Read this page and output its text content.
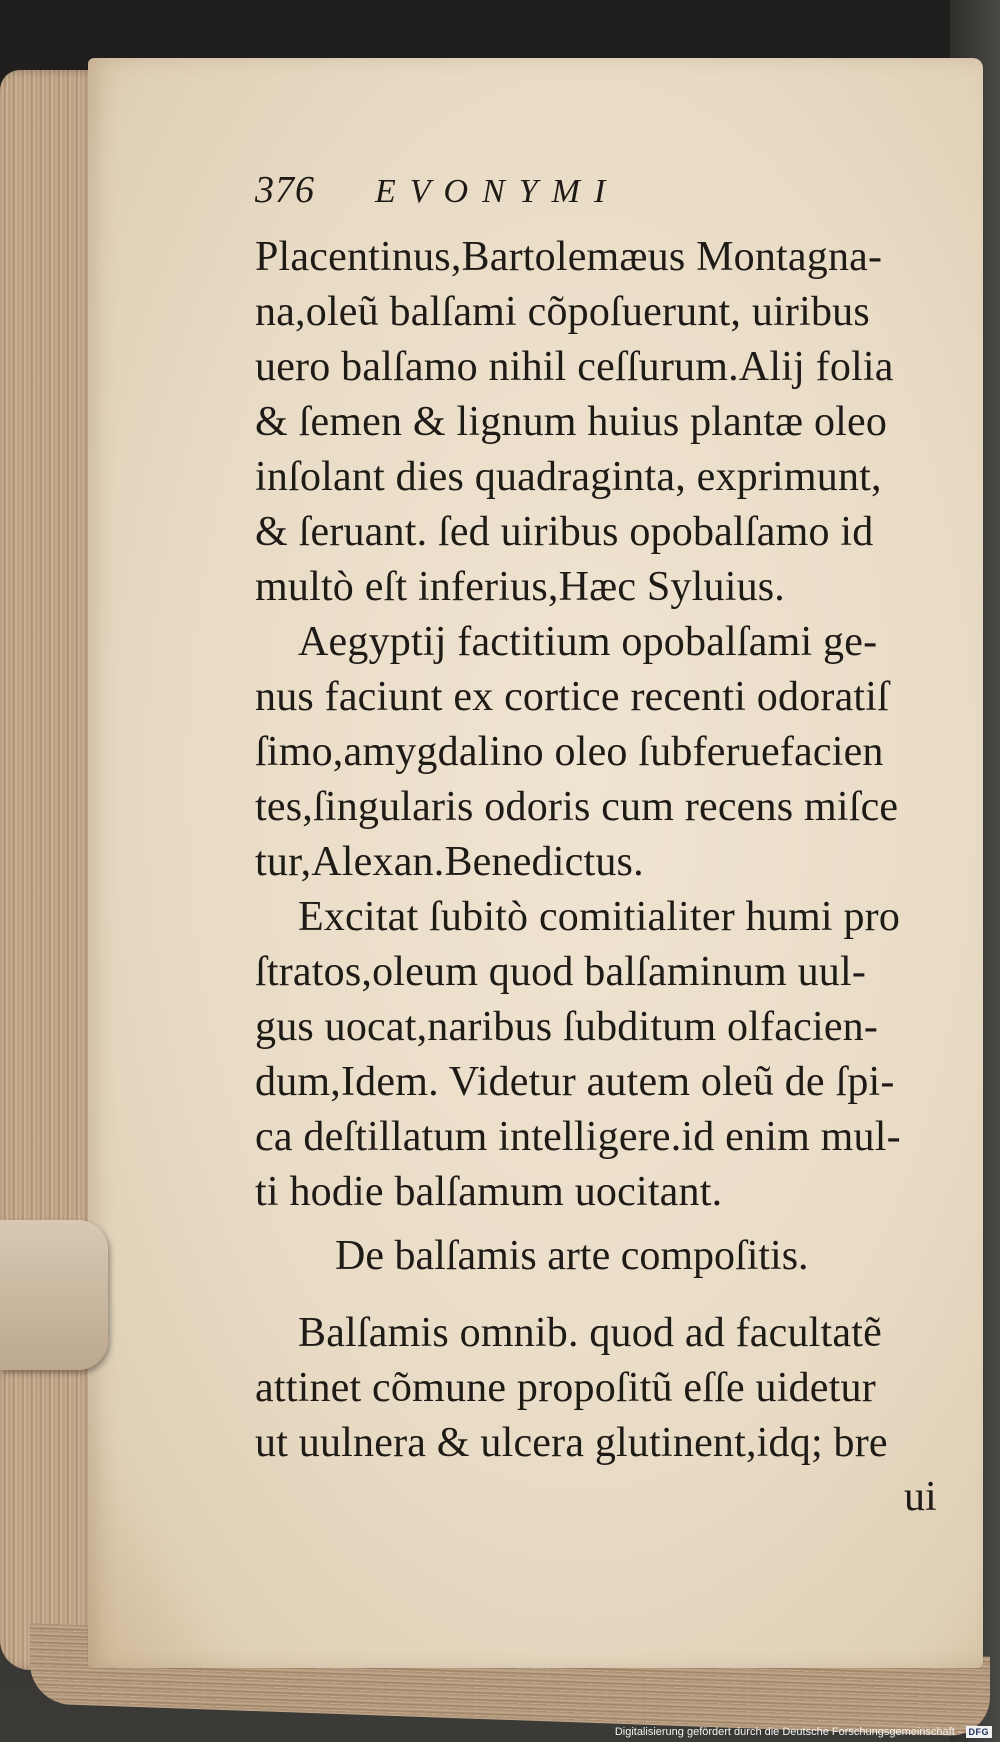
376 EVONYMI
Placentinus,Bartolemæus Montagna-
na,oleũ balſami cõpoſuerunt, uiribus
uero balſamo nihil ceſſurum.Alij folia
& ſemen & lignum huius plantæ oleo
inſolant dies quadraginta, exprimunt,
& ſeruant. ſed uiribus opobalſamo id
multò eſt inferius,Hæc Syluius.
Aegyptij factitium opobalſami ge-
nus faciunt ex cortice recenti odoratiſ
ſimo,amygdalino oleo ſubferuefacien
tes,ſingularis odoris cum recens miſce
tur,Alexan.Benedictus.
Excitat ſubitò comitialiter humi pro
ſtratos,oleum quod balſaminum uul-
gus uocat,naribus ſubditum olfacien-
dum,Idem. Videtur autem oleũ de ſpi-
ca deſtillatum intelligere.id enim mul-
ti hodie balſamum uocitant.
De balſamis arte compoſitis.
Balſamis omnib. quod ad facultatẽ
attinet cõmune propoſitũ eſſe uidetur
ut uulnera & ulcera glutinent,idq; bre
ui
Digitalisierung gefördert durch die Deutsche Forschungsgemeinschaft - DFG
